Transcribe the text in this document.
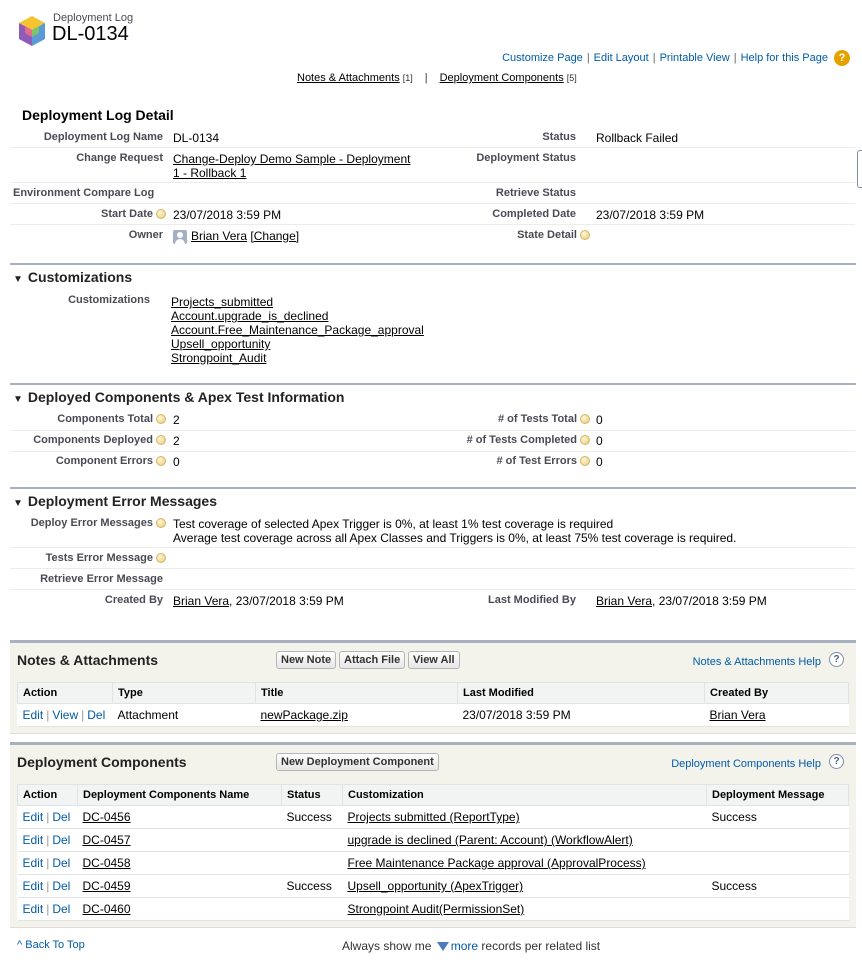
Deployment Log
DL-0134
Customize Page | Edit Layout | Printable View | Help for this Page ?
Notes & Attachments [1] | Deployment Components [5]
Deployment Log Detail
Deployment Log Name DL-0134	Status Rollback Failed
Change Request Change-Deploy Demo Sample - Deployment
1 - Rollback 1
Deployment Status
Environment Compare Log	Retrieve Status
Start Date	23/07/2018 3:59 PM	Completed Date 23/07/2018 3:59 PM
Owner	Brian Vera [Change]	State Detail
▼ Customizations
Customizations Projects_submitted
Account.upgrade_is_declined
Account.Free_Maintenance_Package_approval
Upsell_opportunity
Strongpoint_Audit
▼ Deployed Components & Apex Test Information
Components Total	2	# of Tests Total	0
Components Deployed	2	# of Tests Completed	0
Component Errors	0	# of Test Errors	0
▼ Deployment Error Messages
Deploy Error Messages	Test coverage of selected Apex Trigger is 0%, at least 1% test coverage is required
Average test coverage across all Apex Classes and Triggers is 0%, at least 75% test coverage is required.
Tests Error Message
Retrieve Error Message
Created By Brian Vera, 23/07/2018 3:59 PM	Last Modified By Brian Vera, 23/07/2018 3:59 PM
Notes & Attachments	New Note	Attach File	View All	Notes & Attachments Help	?
Action	Type	Title	Last Modified	Created By
Edit | View | Del	Attachment	newPackage.zip	23/07/2018 3:59 PM	Brian Vera
Deployment Components	New Deployment Component	Deployment Components Help	?
Action	Deployment Components Name	Status	Customization	Deployment Message
Edit | Del	DC-0456	Success	Projects submitted (ReportType)	Success
Edit | Del	DC-0457		upgrade is declined (Parent: Account) (WorkflowAlert)	
Edit | Del	DC-0458		Free Maintenance Package approval (ApprovalProcess)	
Edit | Del	DC-0459	Success	Upsell_opportunity (ApexTrigger)	Success
Edit | Del	DC-0460		Strongpoint Audit(PermissionSet)	
^ Back To Top	Always show me more records per related list
